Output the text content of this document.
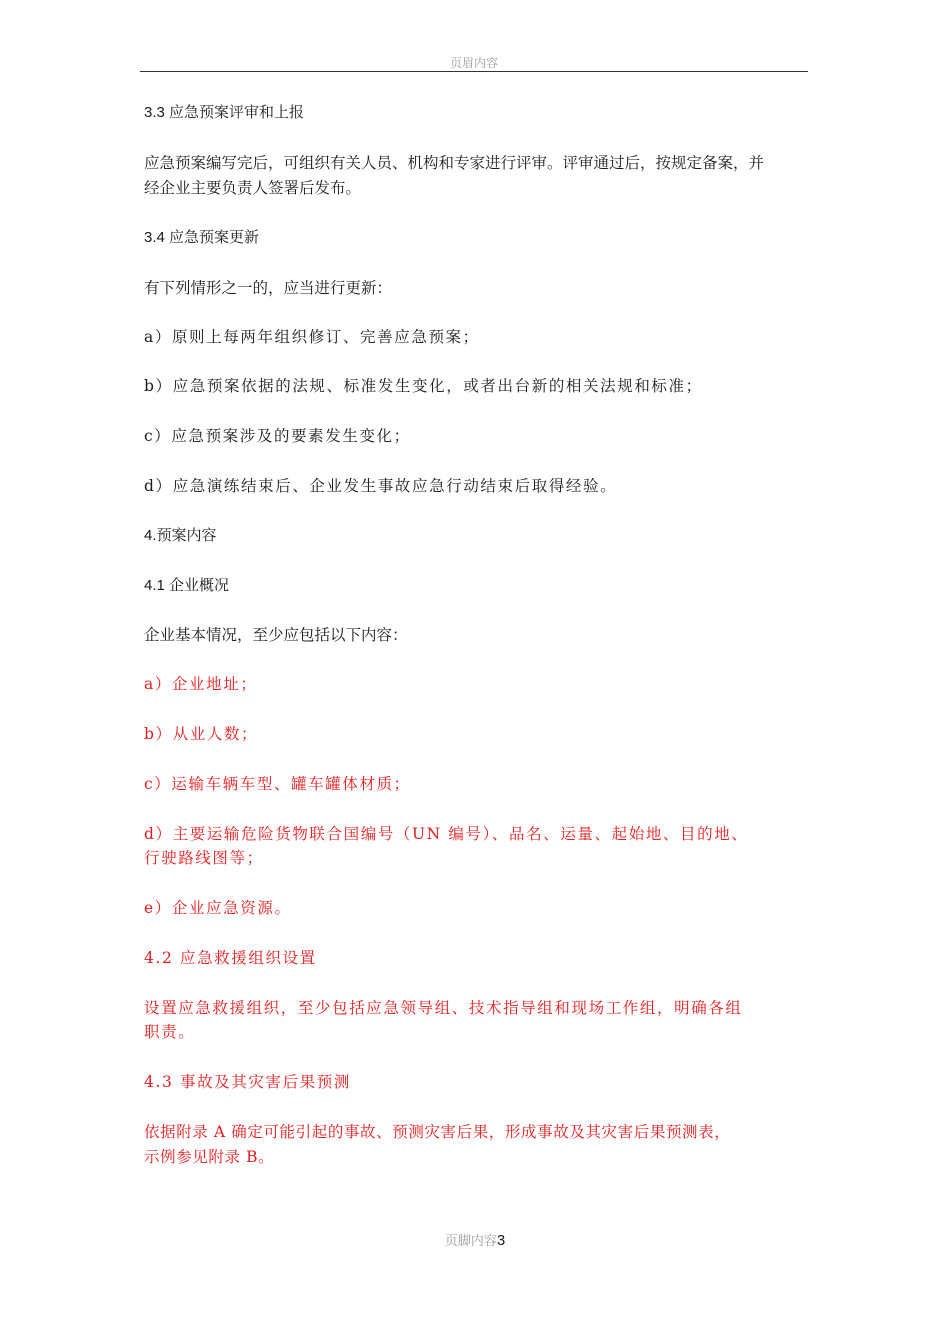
页眉内容

3.3 应急预案评审和上报

应急预案编写完后，可组织有关人员、机构和专家进行评审。评审通过后，按规定备案，并

经企业主要负责人签署后发布。

3.4 应急预案更新

有下列情形之一的，应当进行更新：

a）原则上每两年组织修订、完善应急预案；

b）应急预案依据的法规、标准发生变化，或者出台新的相关法规和标准；

c）应急预案涉及的要素发生变化；

d）应急演练结束后、企业发生事故应急行动结束后取得经验。

4.预案内容

4.1 企业概况

企业基本情况，至少应包括以下内容：

a）企业地址；

b）从业人数；

c）运输车辆车型、罐车罐体材质；

d）主要运输危险货物联合国编号（UN 编号）、品名、运量、起始地、目的地、

行驶路线图等；

e）企业应急资源。

4.2 应急救援组织设置

设置应急救援组织，至少包括应急领导组、技术指导组和现场工作组，明确各组

职责。

4.3 事故及其灾害后果预测

依据附录 A 确定可能引起的事故、预测灾害后果，形成事故及其灾害后果预测表，

示例参见附录 B。

页脚内容3
